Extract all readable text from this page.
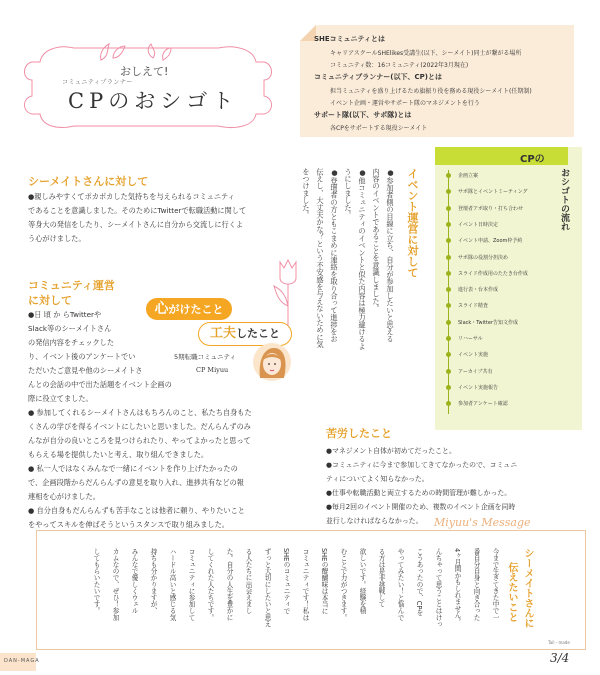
おしえて!
コミュニティプランナー
CPのおシゴト
SHEコミュニティとは
キャリアスクールSHElikes受講生(以下、シーメイト)同士が繋がる場所
コミュニティ数：16コミュニティ(2022年3月現在)
コミュニティプランナー(以下、CP)とは
担当ミュニティを盛り上げるため旗振り役を務める現役シーメイト(任期制)
イベント企画・運営やサポート隊のマネジメントを行う
サポート隊(以下、サポ隊)とは
各CPをサポートする現役シーメイト
シーメイトさんに対して
●親しみやすくてポカポカした気持ちを与えられるコミュニティ
であることを意識しました。そのためにTwitterで転職活動に関して
等身大の発信をしたり、シーメイトさんに自分から交流しに行くよ
う心がけました。
コミュニティ運営
に対して
心がけたこと
工夫したこと
5期転職コミュニティ
CP Miyuu
●日 頃 か らTwitterや
Slack等のシーメイトさん
の発信内容をチェックした
り、イベント後のアンケートでい
ただいたご意見や他のシーメイトさ
んとの会話の中で出た話題をイベント企画の
際に役立てました。
● 参加してくれるシーメイトさんはもちろんのこと、私たち自身もた
くさんの学びを得るイベントにしたいと思いました。だんらんずのみ
んなが自分の良いところを見つけられたり、やってよかったと思って
もらえる場を提供したいと考え、取り組んできました。
● 私一人ではなくみんなで一緒にイベントを作り上げたかったの
で、企画段階からだんらんずの意見を取り入れ、進捗共有などの報
連相を心がけました。
● 自分自身もだんらんずも苦手なことは他者に頼り、やりたいこと
をやってスキルを伸ばそうというスタンスで取り組みました。
イベント運営に対して
●参加者側の目線に立ち、自分が参加したいと思える
内容のイベントであることを意識しました。
●他コミュニティのイベントと似た内容は極力避けるよ
うにしました。
●登壇者の方ともこまめに連絡を取り合って進捗をお
伝えし、大丈夫かな？という不安感を与えないために気
をつけました。
CPの
おシゴトの流れ
企画立案
サポ隊とイベントミーティング
登壇者アポ取り・打ち合わせ
イベント日時決定
イベント申請、Zoom枠予約
サポ隊の役割分担決め
スライド作成用のたたき台作成
進行表・台本作成
スライド精査
Slack・Twitter告知文作成
リハーサル
イベント実施
アーカイブ共有
イベント実施報告
参加者アンケート確認
苦労したこと
●マネジメント自体が初めてだったこと。
●コミュニティに今まで参加してきてなかったので、コミュニ
ティについてよく知らなかった。
●仕事や転職活動と両立するための時間管理が難しかった。
●毎月2回のイベント開催のため、複数のイベント企画を同時
並行しなければならなかった。	Miyuu's Message
シーメイトさんに
伝えたいこと
今まで生きてきた中で一
番自分自身と向き合った
4ヶ月間かもしれません。
んちゃって思うことはけっ
こうあったので、CPを
やってみたい！と悩んで
る方は是非挑戦して
欲しいです。経験を積
むことで力がつきます。
SHEの醍醐味は本当に
コミュニティです！私は
SHEのコミュニティで
ずっと大切にしたいと思え
る人たちに出会えまし
た。自分の人生を豊かに
してくれた人たちです。
コミュニティに参加して
ハードル高いと感じる気
持ちも分かりますが、
みんなで優しくウェル
カムなので、ぜひ！参加
してもらいたいです。
DAN-MAGA
Tail - made
3/4
